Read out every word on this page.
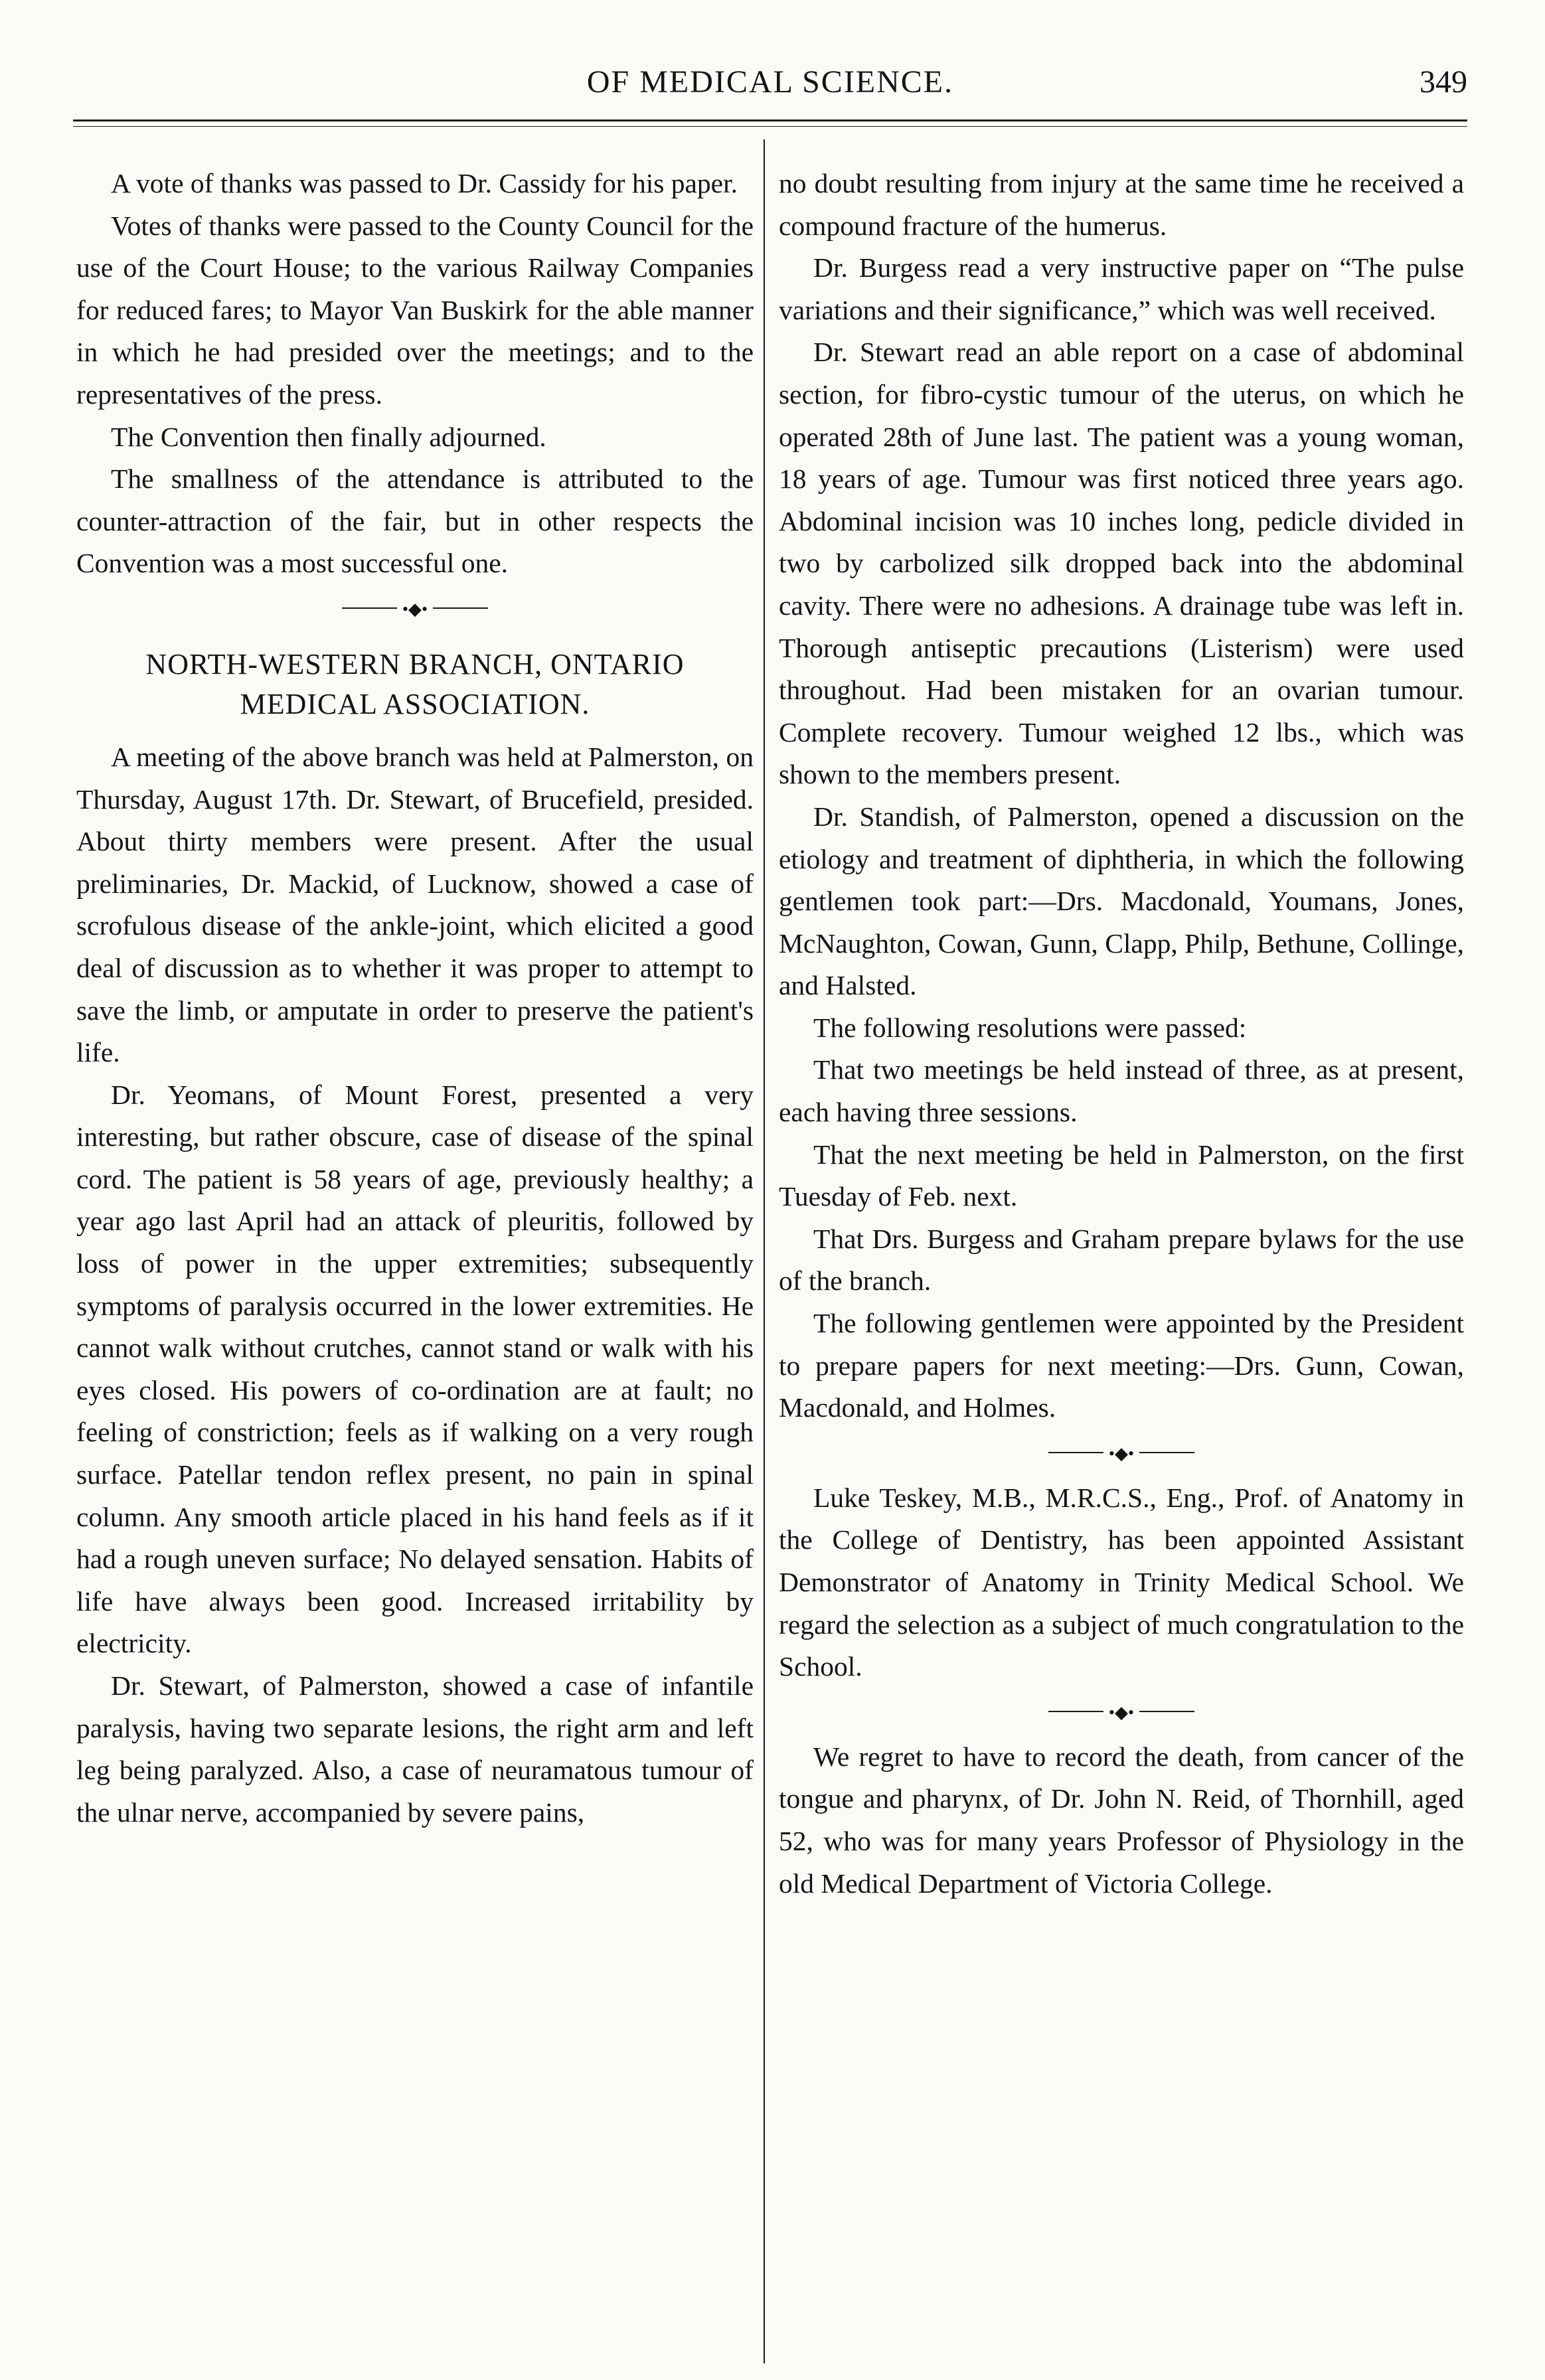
OF MEDICAL SCIENCE.	349

A vote of thanks was passed to Dr. Cassidy for his paper.

Votes of thanks were passed to the County Council for the use of the Court House; to the various Railway Companies for reduced fares; to Mayor Van Buskirk for the able manner in which he had presided over the meetings; and to the representatives of the press.

The Convention then finally adjourned.

The smallness of the attendance is attributed to the counter-attraction of the fair, but in other respects the Convention was a most successful one.

•◆•
NORTH-WESTERN BRANCH, ONTARIO
MEDICAL ASSOCIATION.

A meeting of the above branch was held at Palmerston, on Thursday, August 17th. Dr. Stewart, of Brucefield, presided. About thirty members were present. After the usual preliminaries, Dr. Mackid, of Lucknow, showed a case of scrofulous disease of the ankle-joint, which elicited a good deal of discussion as to whether it was proper to attempt to save the limb, or amputate in order to preserve the patient's life.

Dr. Yeomans, of Mount Forest, presented a very interesting, but rather obscure, case of disease of the spinal cord. The patient is 58 years of age, previously healthy; a year ago last April had an attack of pleuritis, followed by loss of power in the upper extremities; subsequently symptoms of paralysis occurred in the lower extremities. He cannot walk without crutches, cannot stand or walk with his eyes closed. His powers of co-ordination are at fault; no feeling of constriction; feels as if walking on a very rough surface. Patellar tendon reflex present, no pain in spinal column. Any smooth article placed in his hand feels as if it had a rough uneven surface; No delayed sensation. Habits of life have always been good. Increased irritability by electricity.

Dr. Stewart, of Palmerston, showed a case of infantile paralysis, having two separate lesions, the right arm and left leg being paralyzed. Also, a case of neuramatous tumour of the ulnar nerve, accompanied by severe pains,

no doubt resulting from injury at the same time he received a compound fracture of the humerus.

Dr. Burgess read a very instructive paper on “The pulse variations and their significance,” which was well received.

Dr. Stewart read an able report on a case of abdominal section, for fibro-cystic tumour of the uterus, on which he operated 28th of June last. The patient was a young woman, 18 years of age. Tumour was first noticed three years ago. Abdominal incision was 10 inches long, pedicle divided in two by carbolized silk dropped back into the abdominal cavity. There were no adhesions. A drainage tube was left in. Thorough antiseptic precautions (Listerism) were used throughout. Had been mistaken for an ovarian tumour. Complete recovery. Tumour weighed 12 lbs., which was shown to the members present.

Dr. Standish, of Palmerston, opened a discussion on the etiology and treatment of diphtheria, in which the following gentlemen took part:—Drs. Macdonald, Youmans, Jones, McNaughton, Cowan, Gunn, Clapp, Philp, Bethune, Collinge, and Halsted.

The following resolutions were passed:

That two meetings be held instead of three, as at present, each having three sessions.

That the next meeting be held in Palmerston, on the first Tuesday of Feb. next.

That Drs. Burgess and Graham prepare bylaws for the use of the branch.

The following gentlemen were appointed by the President to prepare papers for next meeting:—Drs. Gunn, Cowan, Macdonald, and Holmes.

•◆•

Luke Teskey, M.B., M.R.C.S., Eng., Prof. of Anatomy in the College of Dentistry, has been appointed Assistant Demonstrator of Anatomy in Trinity Medical School. We regard the selection as a subject of much congratulation to the School.

•◆•

We regret to have to record the death, from cancer of the tongue and pharynx, of Dr. John N. Reid, of Thornhill, aged 52, who was for many years Professor of Physiology in the old Medical Department of Victoria College.
